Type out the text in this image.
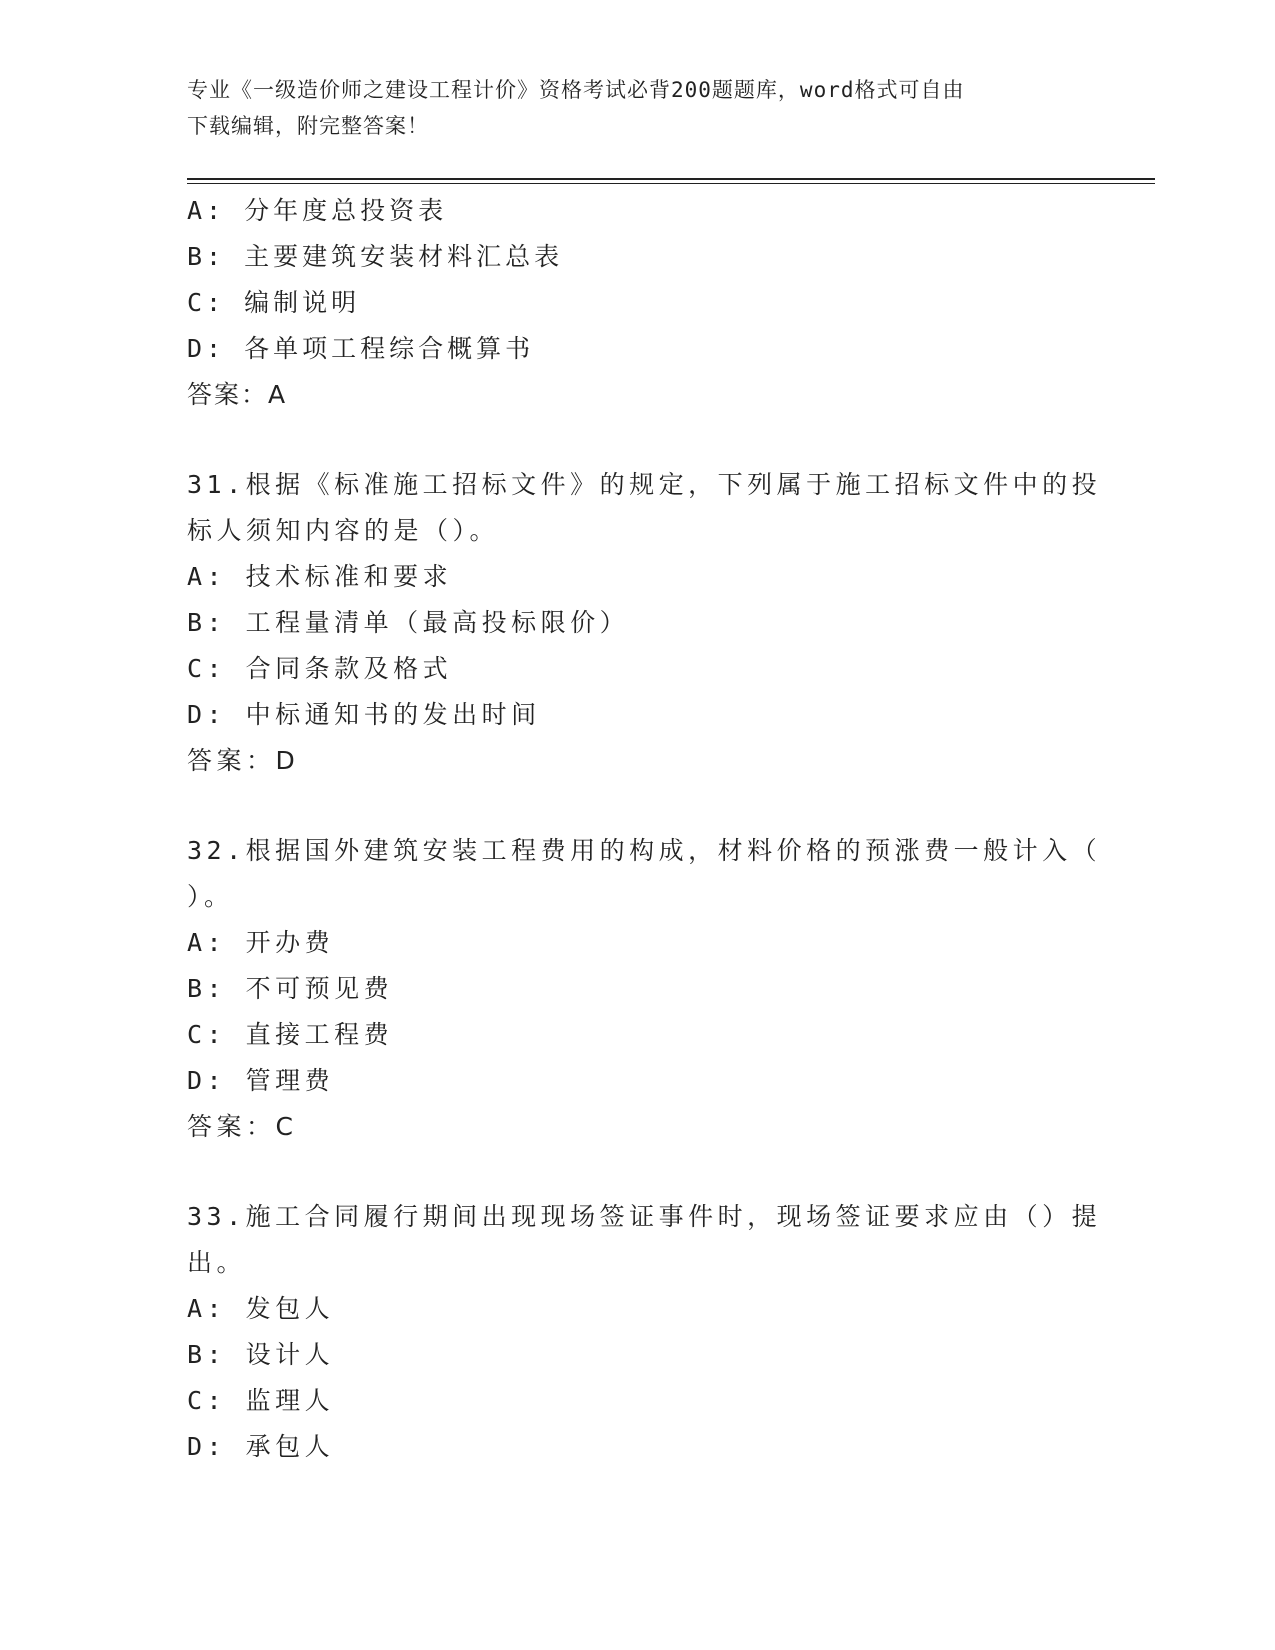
专业《一级造价师之建设工程计价》资格考试必背200题题库，word格式可自由
下载编辑，附完整答案！
A: 分年度总投资表
B: 主要建筑安装材料汇总表
C: 编制说明
D: 各单项工程综合概算书
答案：A
31.根据《标准施工招标文件》的规定，下列属于施工招标文件中的投
标人须知内容的是（）。
A: 技术标准和要求
B: 工程量清单（最高投标限价）
C: 合同条款及格式
D: 中标通知书的发出时间
答案：D
32.根据国外建筑安装工程费用的构成，材料价格的预涨费一般计入（
）。
A: 开办费
B: 不可预见费
C: 直接工程费
D: 管理费
答案：C
33.施工合同履行期间出现现场签证事件时，现场签证要求应由（）提
出。
A: 发包人
B: 设计人
C: 监理人
D: 承包人
